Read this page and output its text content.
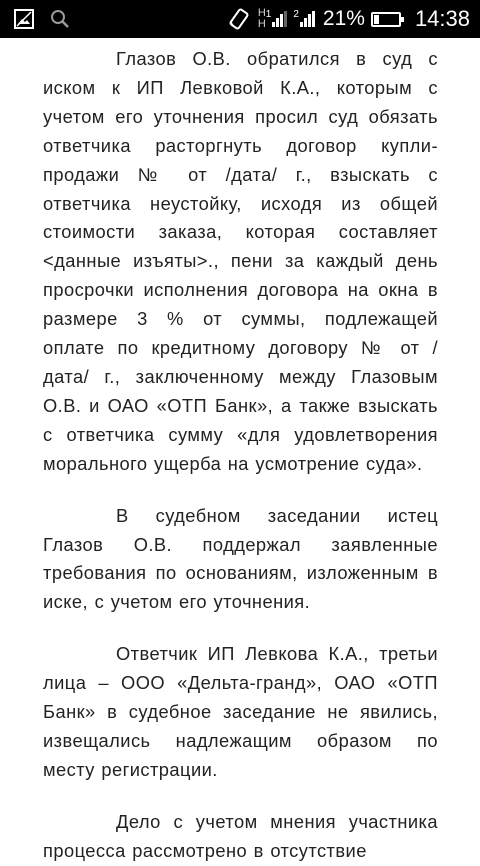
H
H
1 2 21% 14:38

Глазов О.В. обратился в суд с иском к ИП Левковой К.А., которым с учетом его уточнения просил суд обязать ответчика расторгнуть договор купли-продажи № от /дата/ г., взыскать с ответчика неустойку, исходя из общей стоимости заказа, которая составляет <данные изъяты>., пени за каждый день просрочки исполнения договора на окна в размере 3 % от суммы, подлежащей оплате по кредитному договору № от /дата/ г., заключенному между Глазовым О.В. и ОАО «ОТП Банк», а также взыскать с ответчика сумму «для удовлетворения морального ущерба на усмотрение суда».

В судебном заседании истец Глазов О.В. поддержал заявленные требования по основаниям, изложенным в иске, с учетом его уточнения.

Ответчик ИП Левкова К.А., третьи лица – ООО «Дельта-гранд», ОАО «ОТП Банк» в судебное заседание не явились, извещались надлежащим образом по месту регистрации.

Дело с учетом мнения участника процесса рассмотрено в отсутствие
